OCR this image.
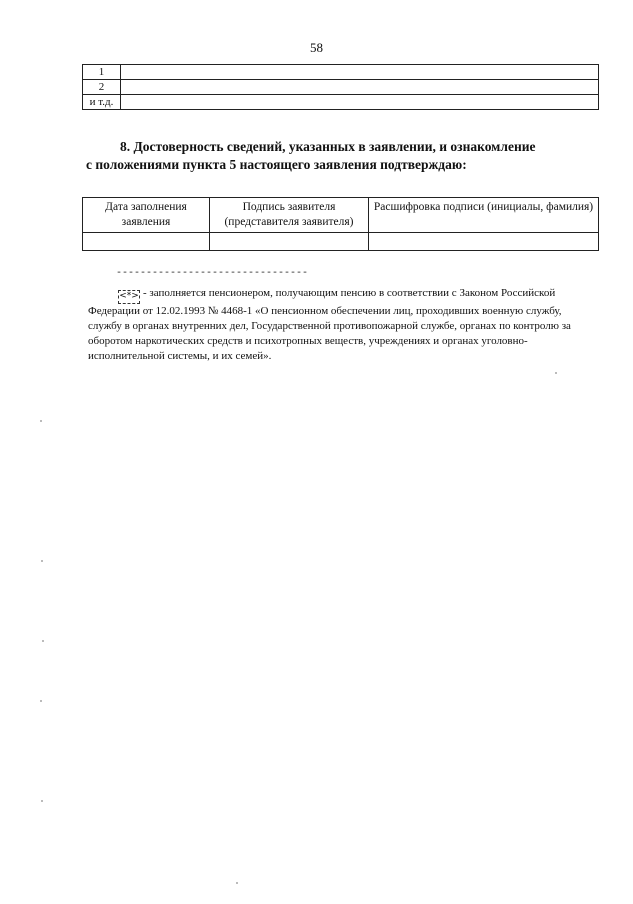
58
1	
2	
и т.д.	
8. Достоверность сведений, указанных в заявлении, и ознакомление
с положениями пункта 5 настоящего заявления подтверждаю:
Дата заполнения заявления	Подпись заявителя (представителя заявителя)	Расшифровка подписи (инициалы, фамилия)

--------------------------------
<*> - заполняется пенсионером, получающим пенсию в соответствии с Законом Российской Федерации от 12.02.1993 № 4468-1 «О пенсионном обеспечении лиц, проходивших военную службу, службу в органах внутренних дел, Государственной противопожарной службе, органах по контролю за оборотом наркотических средств и психотропных веществ, учреждениях и органах уголовно-исполнительной системы, и их семей».
